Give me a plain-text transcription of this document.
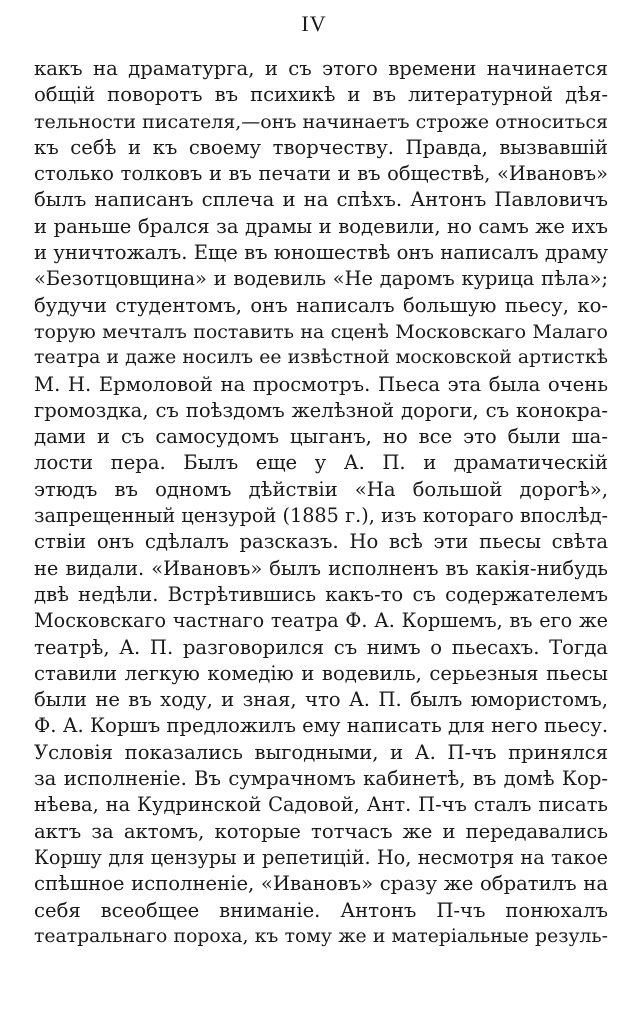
IV
какъ на драматурга, и съ этого времени начинается
общій поворотъ въ психикѣ и въ литературной дѣя-
тельности писателя,—онъ начинаетъ строже относиться
къ себѣ и къ своему творчеству. Правда, вызвавшій
столько толковъ и въ печати и въ обществѣ, «Ивановъ»
былъ написанъ сплеча и на спѣхъ. Антонъ Павловичъ
и раньше брался за драмы и водевили, но самъ же ихъ
и уничтожалъ. Еще въ юношествѣ онъ написалъ драму
«Безотцовщина» и водевиль «Не даромъ курица пѣла»;
будучи студентомъ, онъ написалъ большую пьесу, ко-
торую мечталъ поставить на сценѣ Московскаго Малаго
театра и даже носилъ ее извѣстной московской артисткѣ
М. Н. Ермоловой на просмотръ. Пьеса эта была очень
громоздка, съ поѣздомъ желѣзной дороги, съ конокра-
дами и съ самосудомъ цыганъ, но все это были ша-
лости пера. Былъ еще у А. П. и драматическій
этюдъ въ одномъ дѣйствіи «На большой дорогѣ»,
запрещенный цензурой (1885 г.), изъ котораго впослѣд-
ствіи онъ сдѣлалъ разсказъ. Но всѣ эти пьесы свѣта
не видали. «Ивановъ» былъ исполненъ въ какія-нибудь
двѣ недѣли. Встрѣтившись какъ-то съ содержателемъ
Московскаго частнаго театра Ф. А. Коршемъ, въ его же
театрѣ, А. П. разговорился съ нимъ о пьесахъ. Тогда
ставили легкую комедію и водевиль, серьезныя пьесы
были не въ ходу, и зная, что А. П. былъ юмористомъ,
Ф. А. Коршъ предложилъ ему написать для него пьесу.
Условія показались выгодными, и А. П-чъ принялся
за исполненіе. Въ сумрачномъ кабинетѣ, въ домѣ Кор-
нѣева, на Кудринской Садовой, Ант. П-чъ сталъ писать
актъ за актомъ, которые тотчасъ же и передавались
Коршу для цензуры и репетицій. Но, несмотря на такое
спѣшное исполненіе, «Ивановъ» сразу же обратилъ на
себя всеобщее вниманіе. Антонъ П-чъ понюхалъ
театральнаго пороха, къ тому же и матеріальные резуль-
